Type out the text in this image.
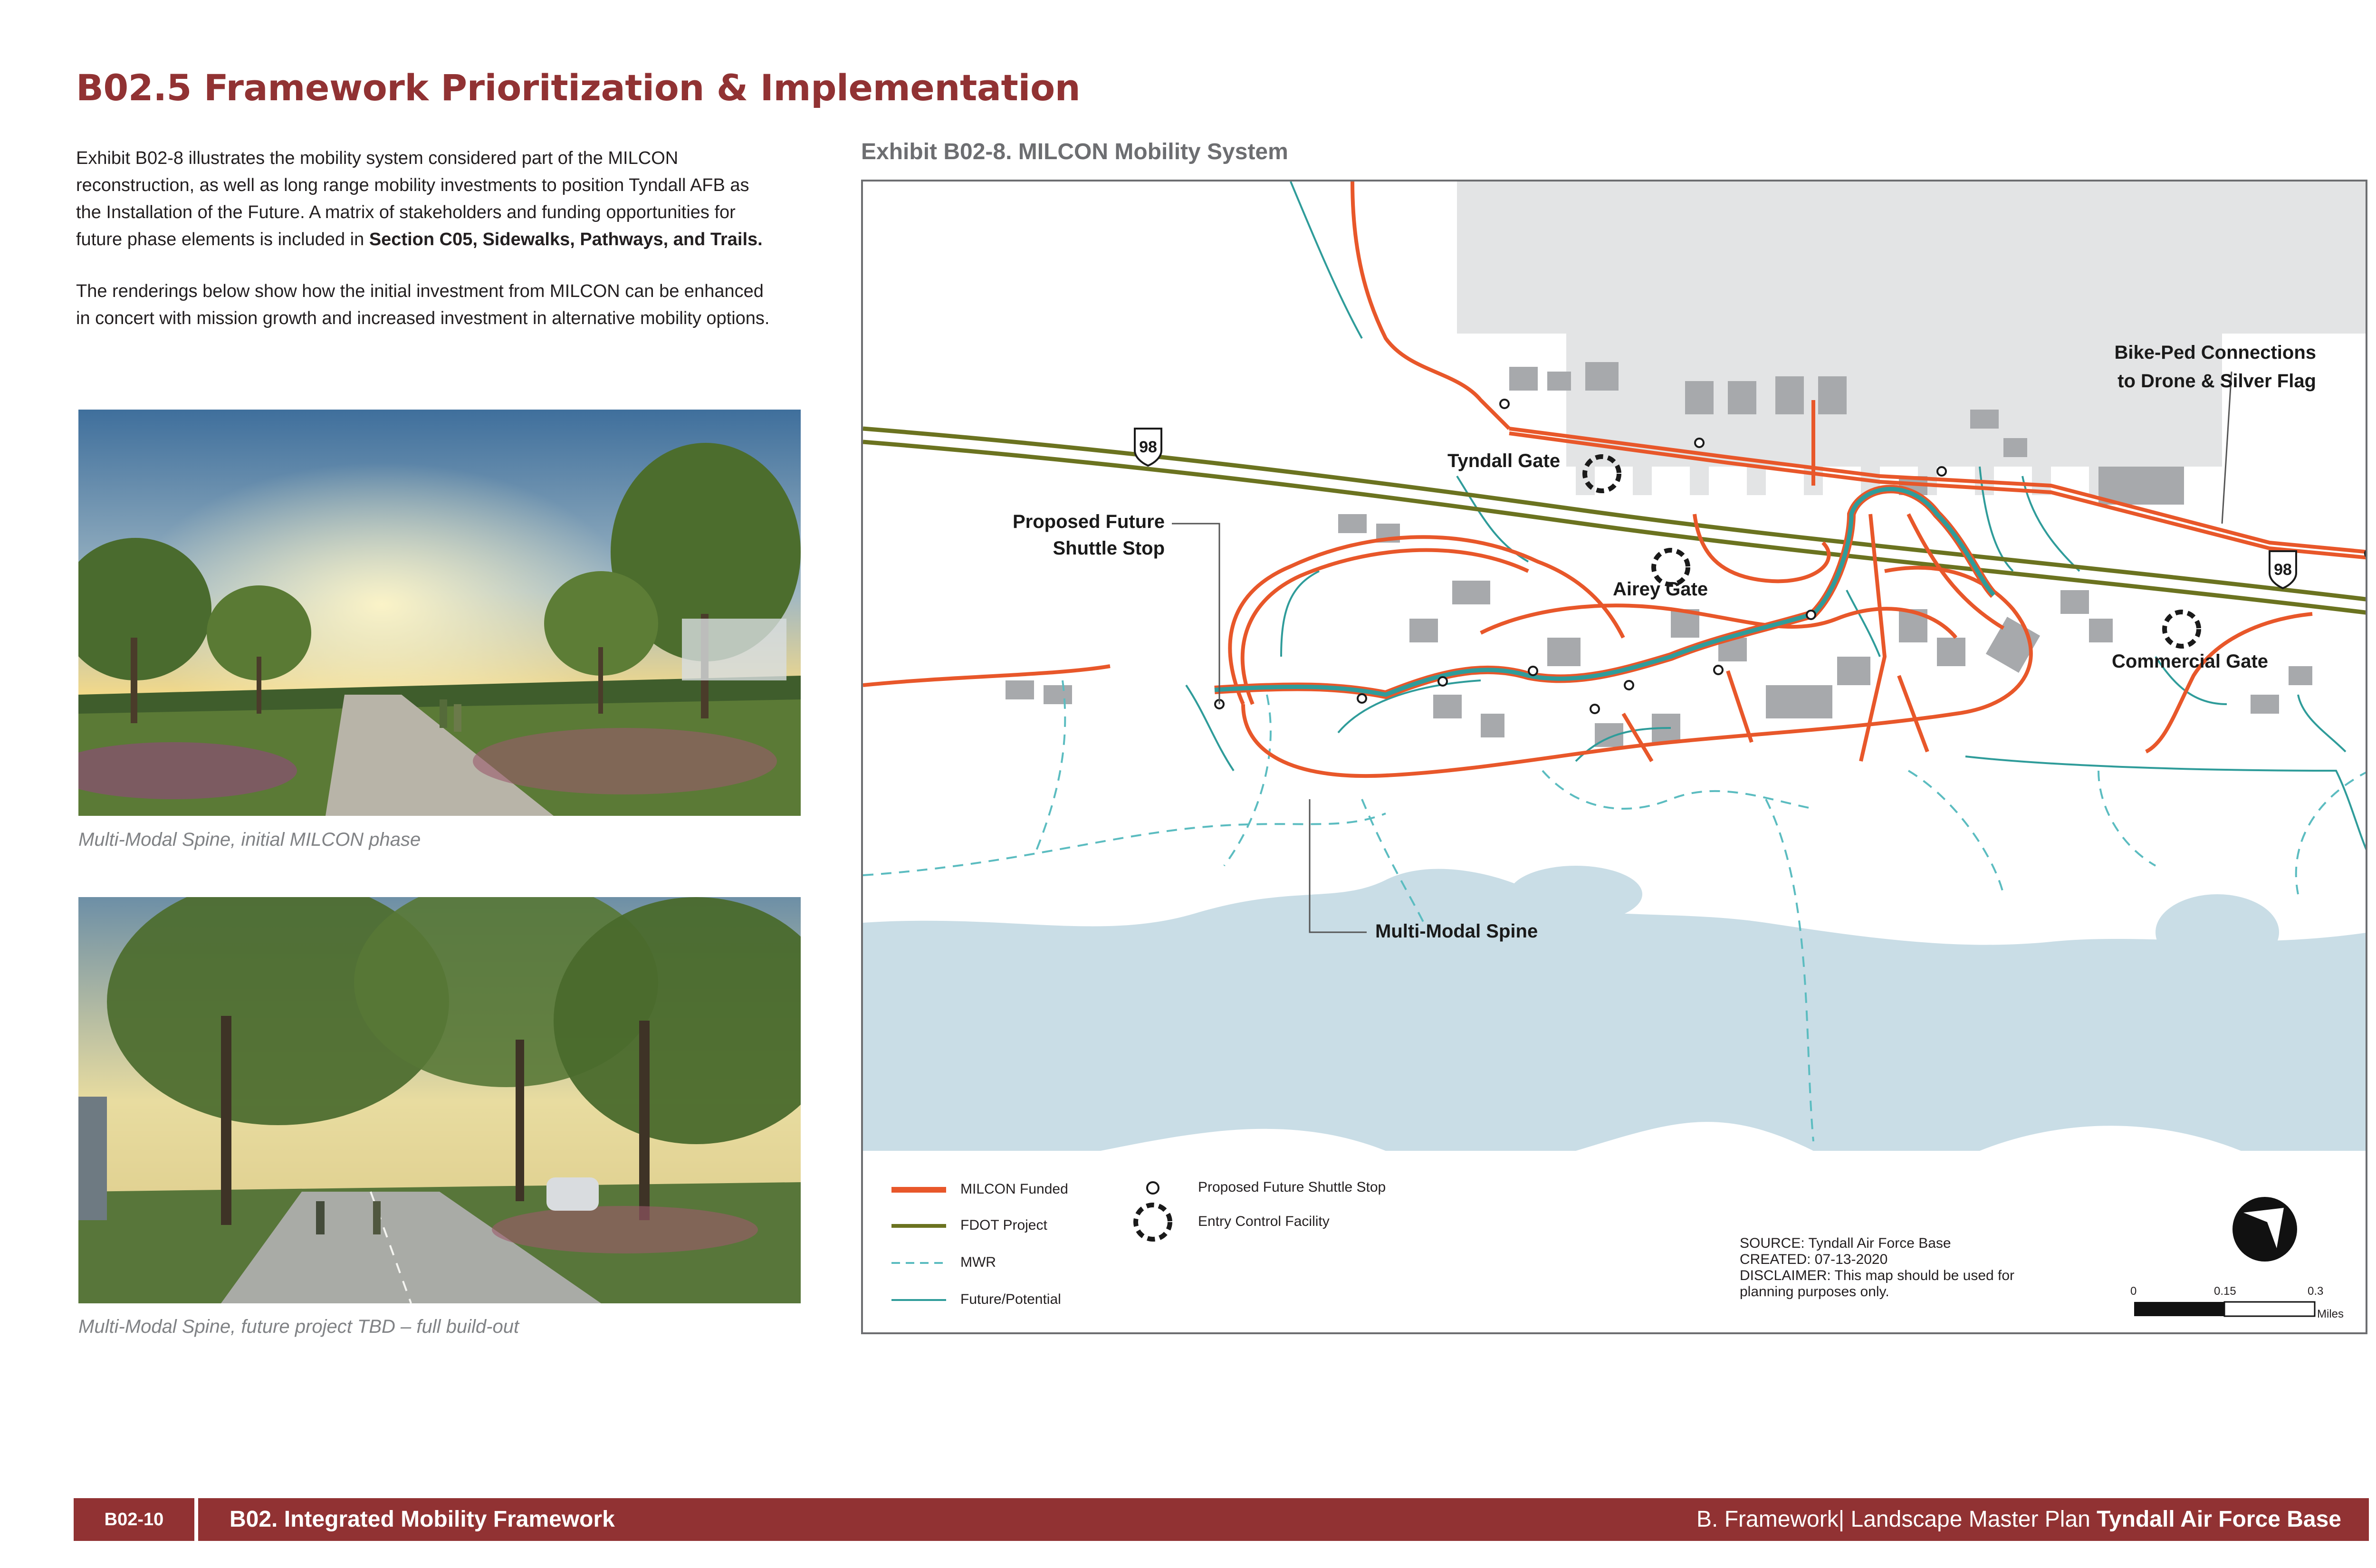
B02.5 Framework Prioritization & Implementation

Exhibit B02-8 illustrates the mobility system considered part of the MILCON reconstruction, as well as long range mobility investments to position Tyndall AFB as the Installation of the Future. A matrix of stakeholders and funding opportunities for future phase elements is included in Section C05, Sidewalks, Pathways, and Trails.

The renderings below show how the initial investment from MILCON can be enhanced in concert with mission growth and increased investment in alternative mobility options.

Multi-Modal Spine, initial MILCON phase
Multi-Modal Spine, future project TBD – full build-out
Exhibit B02-8. MILCON Mobility System
Bike-Ped Connections
to Drone & Silver Flag
Tyndall Gate
Airey Gate
Commercial Gate
Proposed Future
Shuttle Stop
Multi-Modal Spine
98
98
MILCON Funded
FDOT Project
MWR
Future/Potential
Proposed Future Shuttle Stop
Entry Control Facility
SOURCE: Tyndall Air Force Base
CREATED: 07-13-2020
DISCLAIMER: This map should be used for planning purposes only.	0	0.15	0.3
Miles
B02-10	B02. Integrated Mobility Framework	B. Framework| Landscape Master Plan Tyndall Air Force Base
